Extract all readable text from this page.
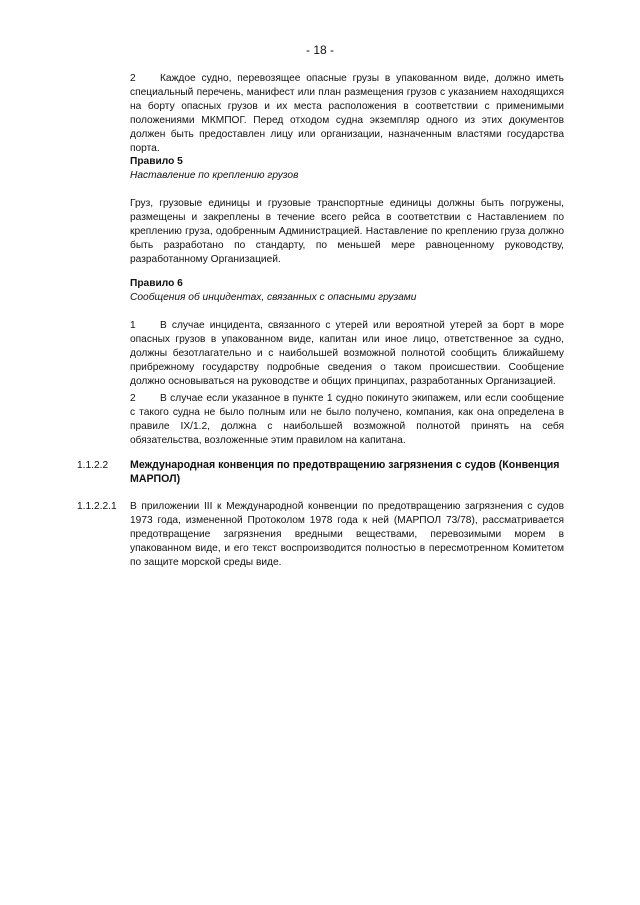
- 18 -

2 Каждое судно, перевозящее опасные грузы в упакованном виде, должно иметь специальный перечень, манифест или план размещения грузов с указанием находящихся на борту опасных грузов и их места расположения в соответствии с применимыми положениями МКМПОГ. Перед отходом судна экземпляр одного из этих документов должен быть предоставлен лицу или организации, назначенным властями государства порта.

Правило 5
Наставление по креплению грузов

Груз, грузовые единицы и грузовые транспортные единицы должны быть погружены, размещены и закреплены в течение всего рейса в соответствии с Наставлением по креплению груза, одобренным Администрацией. Наставление по креплению груза должно быть разработано по стандарту, по меньшей мере равноценному руководству, разработанному Организацией.

Правило 6
Сообщения об инцидентах, связанных с опасными грузами

1 В случае инцидента, связанного с утерей или вероятной утерей за борт в море опасных грузов в упакованном виде, капитан или иное лицо, ответственное за судно, должны безотлагательно и с наибольшей возможной полнотой сообщить ближайшему прибрежному государству подробные сведения о таком происшествии. Сообщение должно основываться на руководстве и общих принципах, разработанных Организацией.

2 В случае если указанное в пункте 1 судно покинуто экипажем, или если сообщение с такого судна не было полным или не было получено, компания, как она определена в правиле IX/1.2, должна с наибольшей возможной полнотой принять на себя обязательства, возложенные этим правилом на капитана.

1.1.2.2 Международная конвенция по предотвращению загрязнения с судов (Конвенция МАРПОЛ)

1.1.2.2.1 В приложении III к Международной конвенции по предотвращению загрязнения с судов 1973 года, измененной Протоколом 1978 года к ней (МАРПОЛ 73/78), рассматривается предотвращение загрязнения вредными веществами, перевозимыми морем в упакованном виде, и его текст воспроизводится полностью в пересмотренном Комитетом по защите морской среды виде.
